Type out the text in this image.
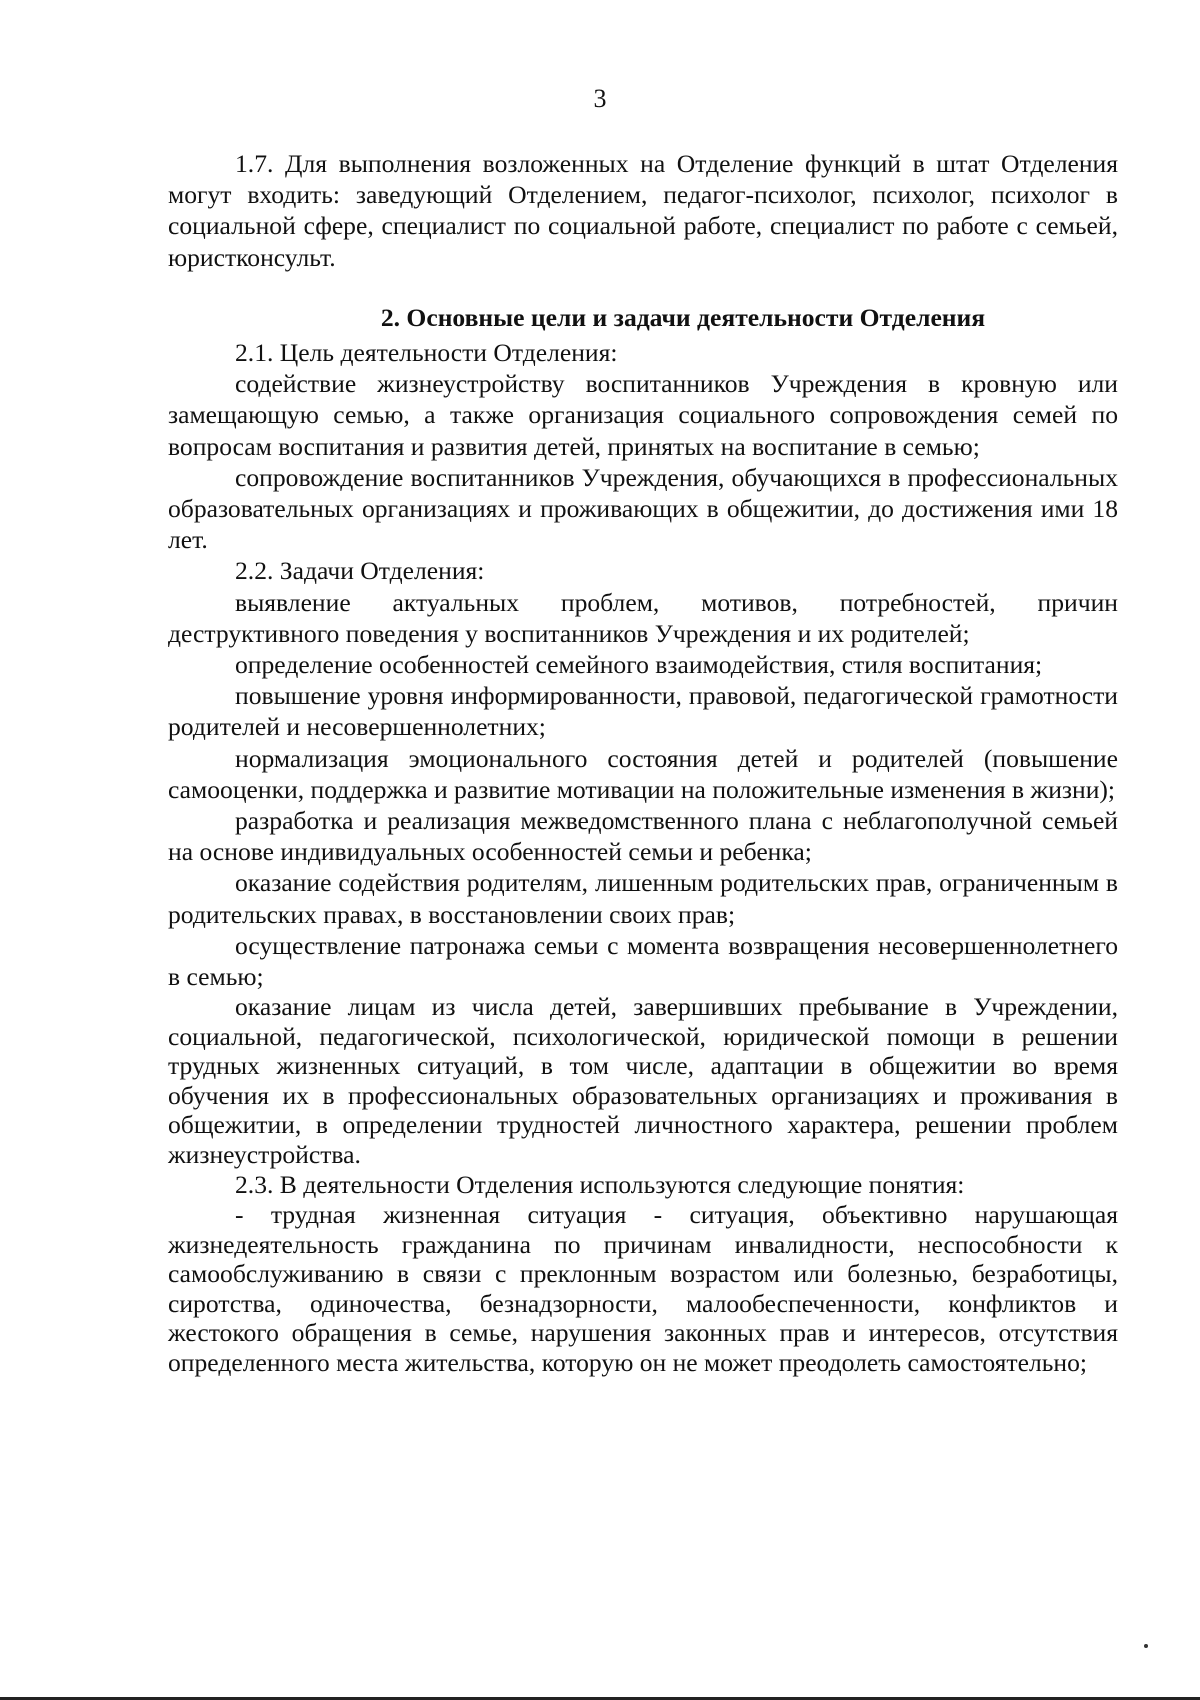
3

1.7. Для выполнения возложенных на Отделение функций в штат Отделения могут входить: заведующий Отделением, педагог-психолог, психолог, психолог в социальной сфере, специалист по социальной работе, специалист по работе с семьей, юристконсульт.

2. Основные цели и задачи деятельности Отделения

2.1. Цель деятельности Отделения:

содействие жизнеустройству воспитанников Учреждения в кровную или замещающую семью, а также организация социального сопровождения семей по вопросам воспитания и развития детей, принятых на воспитание в семью;

сопровождение воспитанников Учреждения, обучающихся в профессиональных образовательных организациях и проживающих в общежитии, до достижения ими 18 лет.

2.2. Задачи Отделения:

выявление актуальных проблем, мотивов, потребностей, причин деструктивного поведения у воспитанников Учреждения и их родителей;

определение особенностей семейного взаимодействия, стиля воспитания;

повышение уровня информированности, правовой, педагогической грамотности родителей и несовершеннолетних;

нормализация эмоционального состояния детей и родителей (повышение самооценки, поддержка и развитие мотивации на положительные изменения в жизни);

разработка и реализация межведомственного плана с неблагополучной семьей на основе индивидуальных особенностей семьи и ребенка;

оказание содействия родителям, лишенным родительских прав, ограниченным в родительских правах, в восстановлении своих прав;

осуществление патронажа семьи с момента возвращения несовершеннолетнего в семью;

оказание лицам из числа детей, завершивших пребывание в Учреждении, социальной, педагогической, психологической, юридической помощи в решении трудных жизненных ситуаций, в том числе, адаптации в общежитии во время обучения их в профессиональных образовательных организациях и проживания в общежитии, в определении трудностей личностного характера, решении проблем жизнеустройства.

2.3. В деятельности Отделения используются следующие понятия:

- трудная жизненная ситуация - ситуация, объективно нарушающая жизнедеятельность гражданина по причинам инвалидности, неспособности к самообслуживанию в связи с преклонным возрастом или болезнью, безработицы, сиротства, одиночества, безнадзорности, малообеспеченности, конфликтов и жестокого обращения в семье, нарушения законных прав и интересов, отсутствия определенного места жительства, которую он не может преодолеть самостоятельно;
